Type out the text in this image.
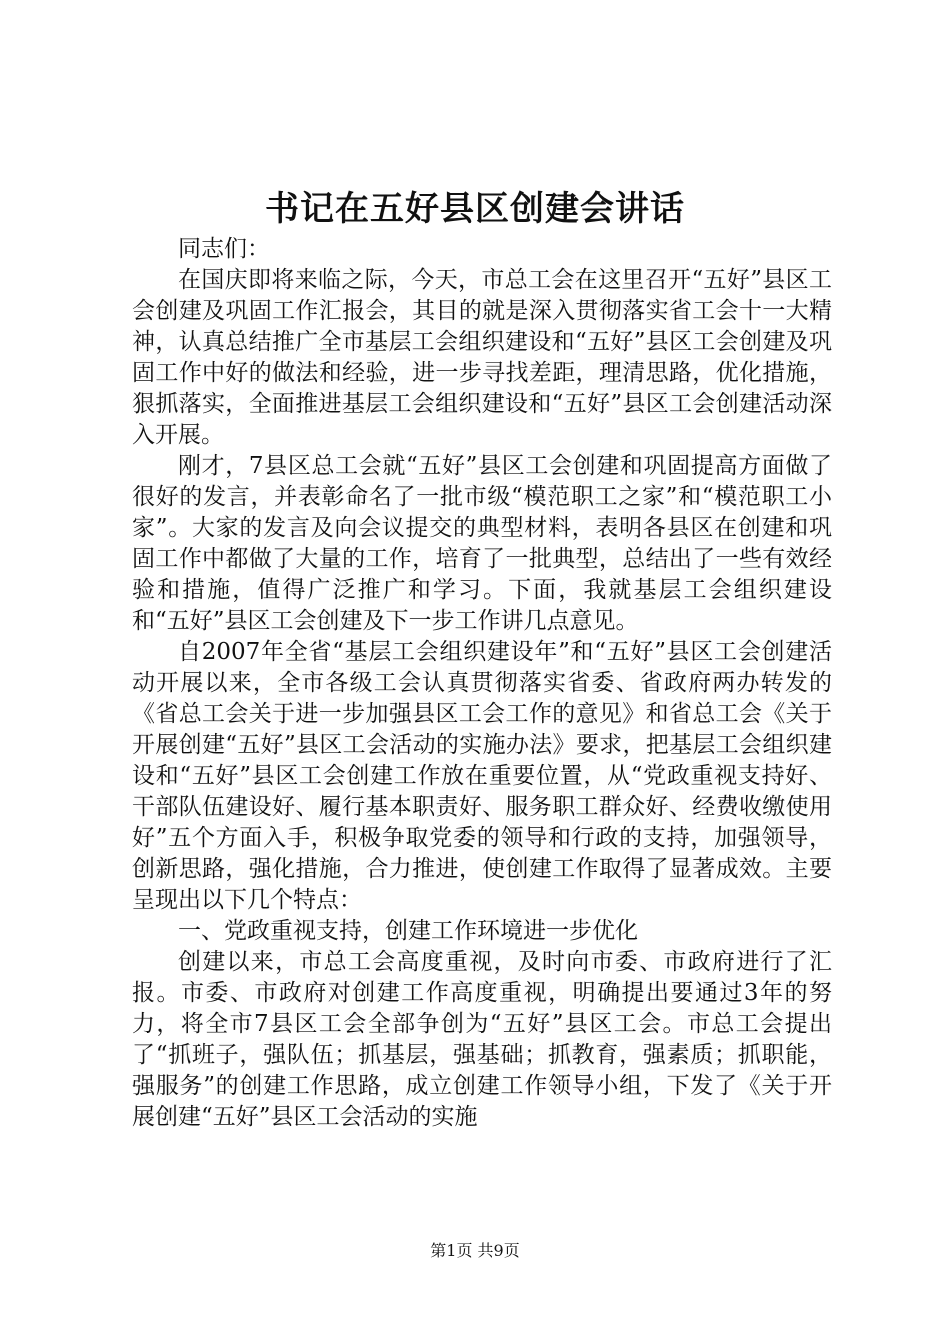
书记在五好县区创建会讲话

同志们：

在国庆即将来临之际，今天，市总工会在这里召开“五好”县区工会创建及巩固工作汇报会，其目的就是深入贯彻落实省工会十一大精神，认真总结推广全市基层工会组织建设和“五好”县区工会创建及巩固工作中好的做法和经验，进一步寻找差距，理清思路，优化措施，狠抓落实，全面推进基层工会组织建设和“五好”县区工会创建活动深入开展。

刚才，7县区总工会就“五好”县区工会创建和巩固提高方面做了很好的发言，并表彰命名了一批市级“模范职工之家”和“模范职工小家”。大家的发言及向会议提交的典型材料，表明各县区在创建和巩固工作中都做了大量的工作，培育了一批典型，总结出了一些有效经验和措施，值得广泛推广和学习。下面，我就基层工会组织建设和“五好”县区工会创建及下一步工作讲几点意见。

自2007年全省“基层工会组织建设年”和“五好”县区工会创建活动开展以来，全市各级工会认真贯彻落实省委、省政府两办转发的《省总工会关于进一步加强县区工会工作的意见》和省总工会《关于开展创建“五好”县区工会活动的实施办法》要求，把基层工会组织建设和“五好”县区工会创建工作放在重要位置，从“党政重视支持好、干部队伍建设好、履行基本职责好、服务职工群众好、经费收缴使用好”五个方面入手，积极争取党委的领导和行政的支持，加强领导，创新思路，强化措施，合力推进，使创建工作取得了显著成效。主要呈现出以下几个特点：

一、党政重视支持，创建工作环境进一步优化

创建以来，市总工会高度重视，及时向市委、市政府进行了汇报。市委、市政府对创建工作高度重视，明确提出要通过3年的努力，将全市7县区工会全部争创为“五好”县区工会。市总工会提出了“抓班子，强队伍；抓基层，强基础；抓教育，强素质；抓职能，强服务”的创建工作思路，成立创建工作领导小组，下发了《关于开展创建“五好”县区工会活动的实施

第1页 共9页
